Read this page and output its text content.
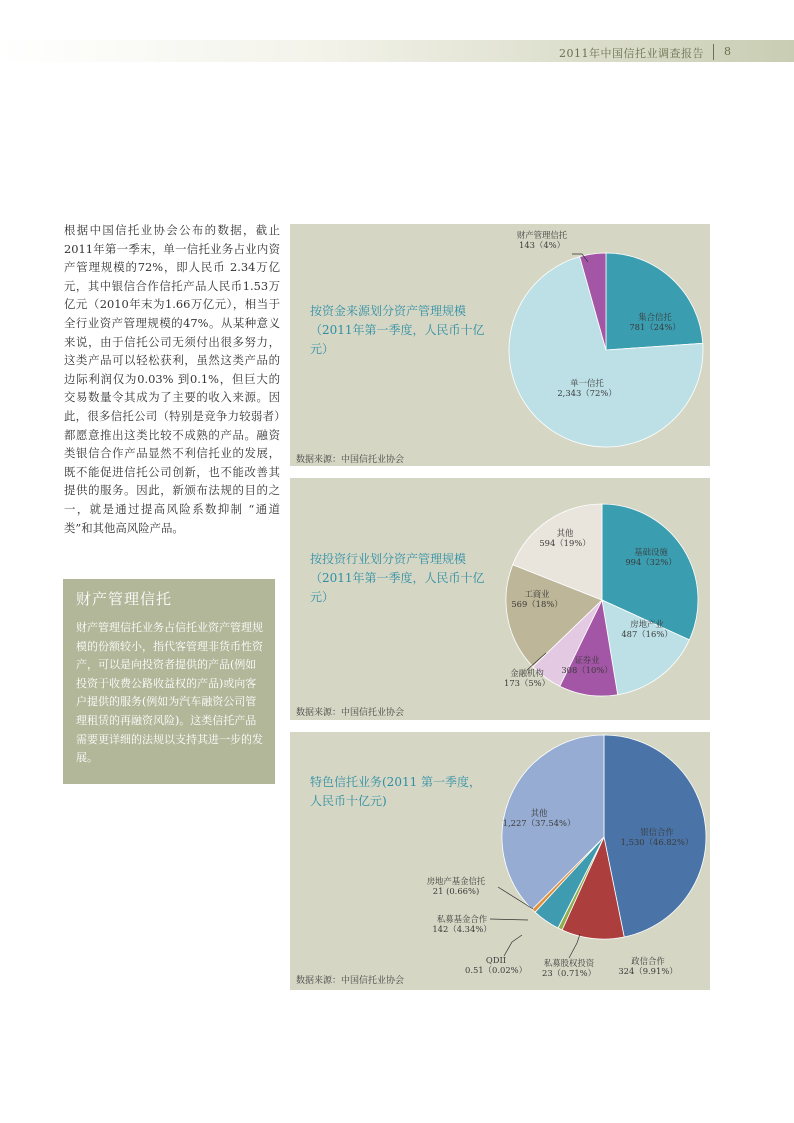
2011年中国信托业调查报告 8
根据中国信托业协会公布的数据，截止2011年第一季末，单一信托业务占业内资产管理规模的72%，即人民币 2.34万亿元，其中银信合作信托产品人民币1.53万亿元（2010年末为1.66万亿元），相当于全行业资产管理规模的47%。从某种意义来说，由于信托公司无须付出很多努力，这类产品可以轻松获利，虽然这类产品的边际利润仅为0.03% 到0.1%，但巨大的交易数量令其成为了主要的收入来源。因此，很多信托公司（特别是竞争力较弱者）都愿意推出这类比较不成熟的产品。融资类银信合作产品显然不利信托业的发展，既不能促进信托公司创新，也不能改善其提供的服务。因此，新颁布法规的目的之一，就是通过提高风险系数抑制 “通道类”和其他高风险产品。
财产管理信托
财产管理信托业务占信托业资产管理规模的份额较小，指代客管理非货币性资产，可以是向投资者提供的产品(例如投资于收费公路收益权的产品)或向客户提供的服务(例如为汽车融资公司管理租赁的再融资风险)。这类信托产品需要更详细的法规以支持其进一步的发展。
按资金来源划分资产管理规模（2011年第一季度，人民币十亿元）
集合信托
781（24%）
单一信托
2,343（72%）
财产管理信托
143（4%）
数据来源：中国信托业协会
按投资行业划分资产管理规模（2011年第一季度，人民币十亿元）
基础设施
994（32%）
房地产业
487（16%）
证券业
308（10%）
金融机构
173（5%）
工商业
569（18%）
其他
594（19%）
数据来源：中国信托业协会
特色信托业务(2011 第一季度，人民币十亿元)
银信合作
1,530（46.82%）
政信合作
324（9.91%）
私募股权投资
23（0.71%）
QDII
0.51（0.02%）
私募基金合作
142（4.34%）
房地产基金信托
21 (0.66%)
其他
1,227（37.54%）
数据来源：中国信托业协会
